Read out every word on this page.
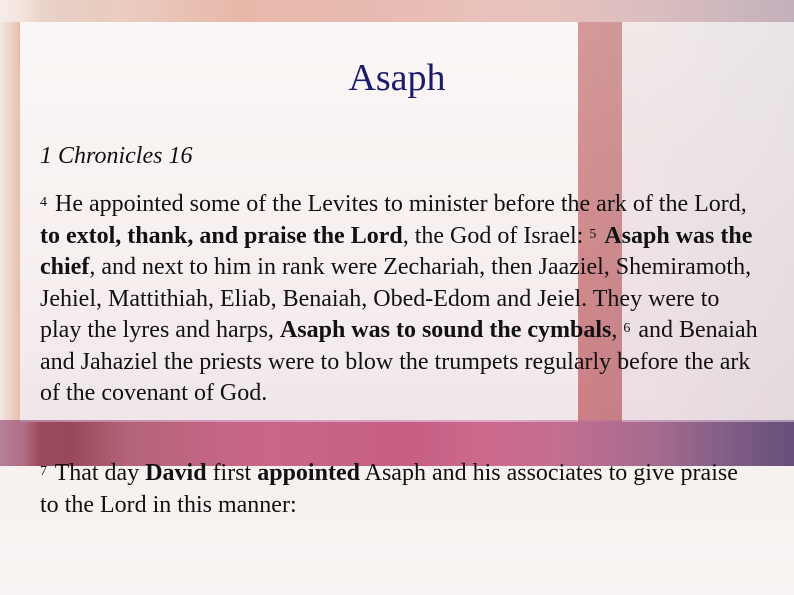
Asaph

1 Chronicles 16

$^4$ He appointed some of the Levites to minister before the ark of the Lord, to extol, thank, and praise the Lord, the God of Israel: $^5$ Asaph was the chief, and next to him in rank were Zechariah, then Jaaziel, Shemiramoth, Jehiel, Mattithiah, Eliab, Benaiah, Obed-Edom and Jeiel. They were to play the lyres and harps, Asaph was to sound the cymbals, $^6$ and Benaiah and Jahaziel the priests were to blow the trumpets regularly before the ark of the covenant of God.

$^7$ That day David first appointed Asaph and his associates to give praise to the Lord in this manner:
